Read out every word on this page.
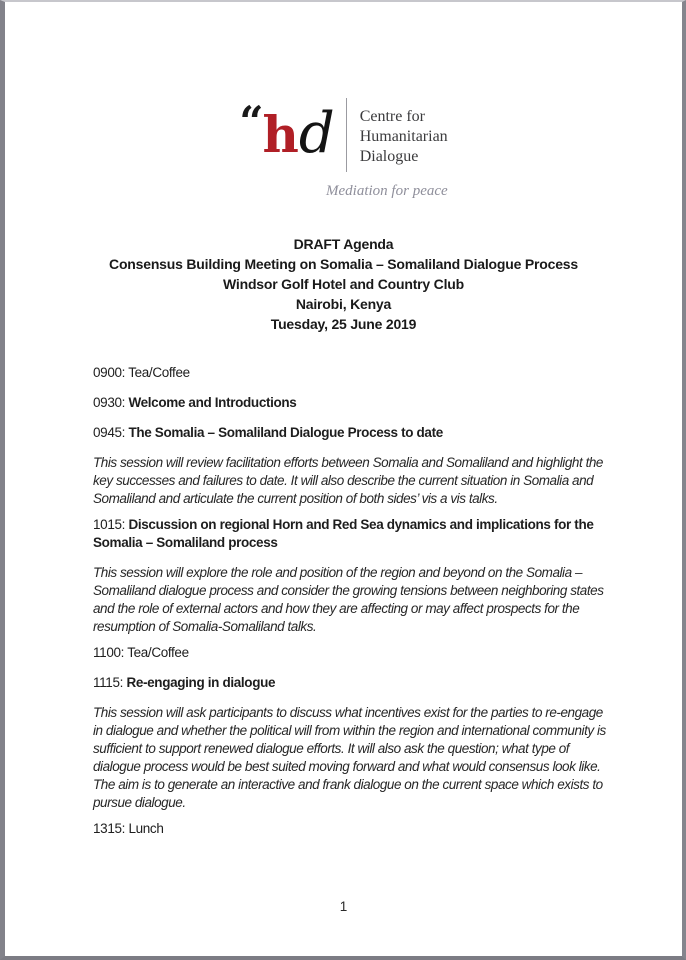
“ h d Centre for
Humanitarian
Dialogue
Mediation for peace
DRAFT Agenda
Consensus Building Meeting on Somalia – Somaliland Dialogue Process
Windsor Golf Hotel and Country Club
Nairobi, Kenya
Tuesday, 25 June 2019

0900: Tea/Coffee

0930: Welcome and Introductions

0945: The Somalia – Somaliland Dialogue Process to date

This session will review facilitation efforts between Somalia and Somaliland and highlight the key successes and failures to date. It will also describe the current situation in Somalia and Somaliland and articulate the current position of both sides’ vis a vis talks.

1015: Discussion on regional Horn and Red Sea dynamics and implications for the Somalia – Somaliland process

This session will explore the role and position of the region and beyond on the Somalia – Somaliland dialogue process and consider the growing tensions between neighboring states and the role of external actors and how they are affecting or may affect prospects for the resumption of Somalia-Somaliland talks.

1100: Tea/Coffee

1115: Re-engaging in dialogue

This session will ask participants to discuss what incentives exist for the parties to re-engage in dialogue and whether the political will from within the region and international community is sufficient to support renewed dialogue efforts. It will also ask the question; what type of dialogue process would be best suited moving forward and what would consensus look like. The aim is to generate an interactive and frank dialogue on the current space which exists to pursue dialogue.

1315: Lunch

1
